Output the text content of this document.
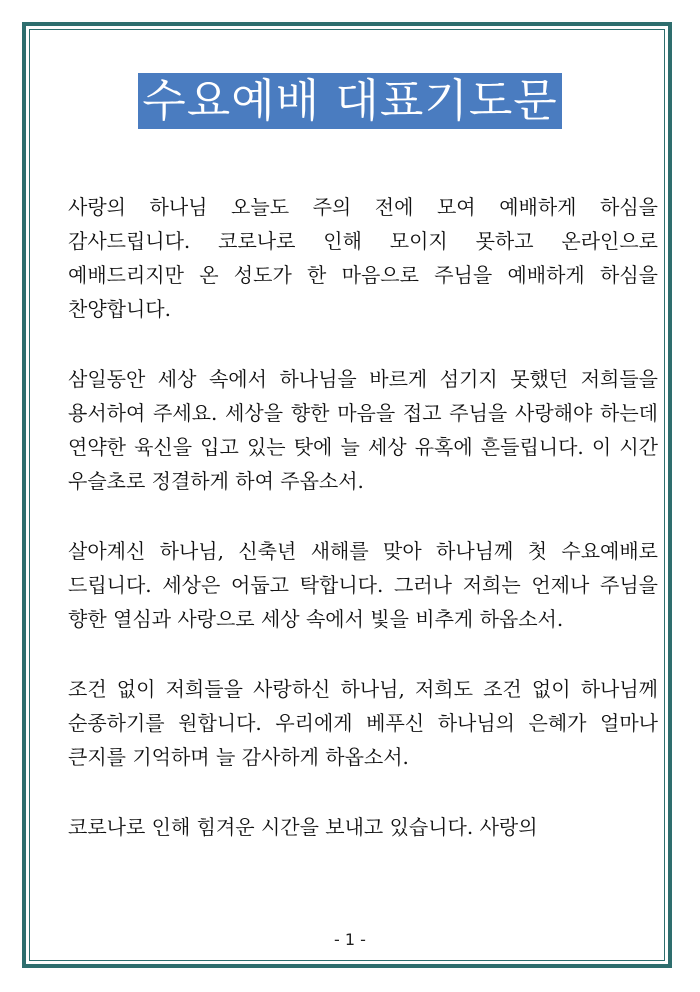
수요예배 대표기도문

사랑의 하나님 오늘도 주의 전에 모여 예배하게 하심을 감사드립니다. 코로나로 인해 모이지 못하고 온라인으로 예배드리지만 온 성도가 한 마음으로 주님을 예배하게 하심을 찬양합니다.

삼일동안 세상 속에서 하나님을 바르게 섬기지 못했던 저희들을 용서하여 주세요. 세상을 향한 마음을 접고 주님을 사랑해야 하는데 연약한 육신을 입고 있는 탓에 늘 세상 유혹에 흔들립니다. 이 시간 우슬초로 정결하게 하여 주옵소서.

살아계신 하나님, 신축년 새해를 맞아 하나님께 첫 수요예배로 드립니다. 세상은 어둡고 탁합니다. 그러나 저희는 언제나 주님을 향한 열심과 사랑으로 세상 속에서 빛을 비추게 하옵소서.

조건 없이 저희들을 사랑하신 하나님, 저희도 조건 없이 하나님께 순종하기를 원합니다. 우리에게 베푸신 하나님의 은혜가 얼마나 큰지를 기억하며 늘 감사하게 하옵소서.

코로나로 인해 힘겨운 시간을 보내고 있습니다. 사랑의

- 1 -
